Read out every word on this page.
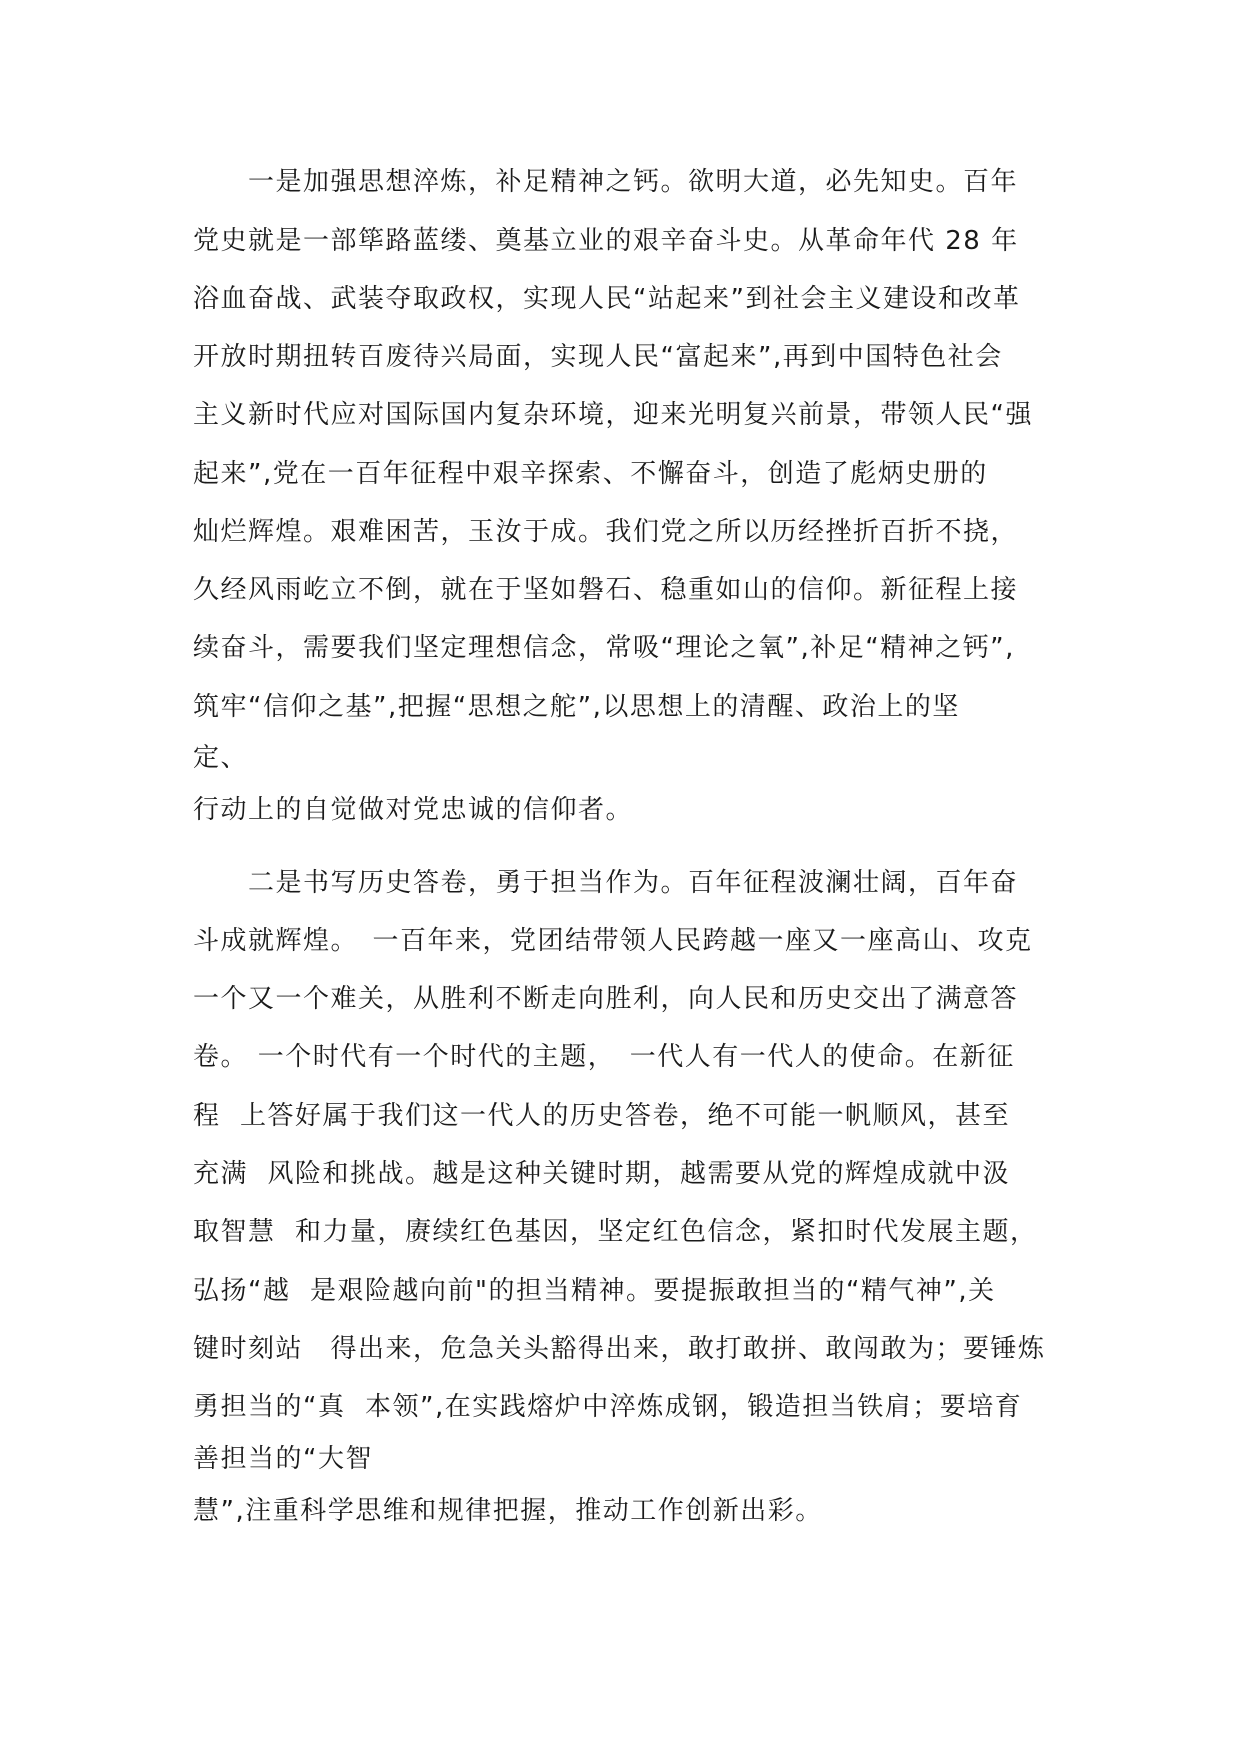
　　一是加强思想淬炼，补足精神之钙。欲明大道，必先知史。百年
党史就是一部筚路蓝缕、奠基立业的艰辛奋斗史。从革命年代 28 年
浴血奋战、武装夺取政权，实现人民“站起来”到社会主义建设和改革
开放时期扭转百废待兴局面，实现人民“富起来”,再到中国特色社会
主义新时代应对国际国内复杂环境，迎来光明复兴前景，带领人民“强
起来”,党在一百年征程中艰辛探索、不懈奋斗，创造了彪炳史册的
灿烂辉煌。艰难困苦，玉汝于成。我们党之所以历经挫折百折不挠，
久经风雨屹立不倒，就在于坚如磐石、稳重如山的信仰。新征程上接
续奋斗，需要我们坚定理想信念，常吸“理论之氧”,补足“精神之钙”,
筑牢“信仰之基”,把握“思想之舵”,以思想上的清醒、政治上的坚
定、
行动上的自觉做对党忠诚的信仰者。
　　二是书写历史答卷，勇于担当作为。百年征程波澜壮阔，百年奋
斗成就辉煌。　一百年来，党团结带领人民跨越一座又一座高山、攻克
一个又一个难关，从胜利不断走向胜利，向人民和历史交出了满意答
卷。 一个时代有一个时代的主题，　一代人有一代人的使命。在新征
程  上答好属于我们这一代人的历史答卷，绝不可能一帆顺风，甚至
充满  风险和挑战。越是这种关键时期，越需要从党的辉煌成就中汲
取智慧  和力量，赓续红色基因，坚定红色信念，紧扣时代发展主题，
弘扬“越  是艰险越向前"的担当精神。要提振敢担当的“精气神”,关
键时刻站　得出来，危急关头豁得出来，敢打敢拼、敢闯敢为；要锤炼
勇担当的“真  本领”,在实践熔炉中淬炼成钢，锻造担当铁肩；要培育
善担当的“大智
慧”,注重科学思维和规律把握，推动工作创新出彩。
